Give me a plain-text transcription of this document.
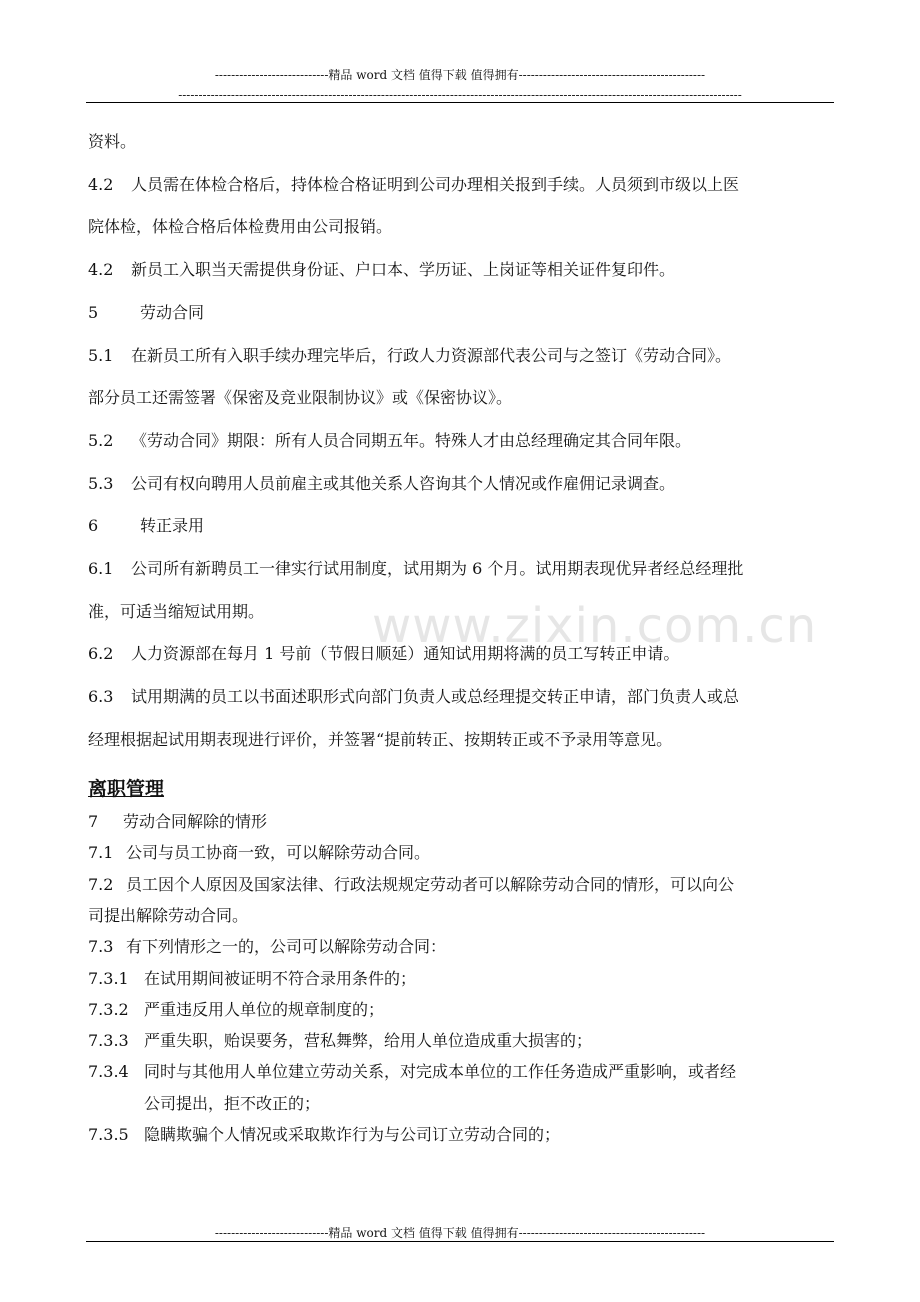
----------------------------精品 word 文档 值得下载 值得拥有----------------------------------------------
-------------------------------------------------------------------------------------------------------------------------------------------
www.zixin.com.cn
资料。
4.2 人员需在体检合格后，持体检合格证明到公司办理相关报到手续。人员须到市级以上医
院体检，体检合格后体检费用由公司报销。
4.2 新员工入职当天需提供身份证、户口本、学历证、上岗证等相关证件复印件。
5	劳动合同
5.1 在新员工所有入职手续办理完毕后，行政人力资源部代表公司与之签订《劳动合同》。
部分员工还需签署《保密及竞业限制协议》或《保密协议》。
5.2 《劳动合同》期限：所有人员合同期五年。特殊人才由总经理确定其合同年限。
5.3 公司有权向聘用人员前雇主或其他关系人咨询其个人情况或作雇佣记录调查。
6	转正录用
6.1 公司所有新聘员工一律实行试用制度，试用期为 6 个月。试用期表现优异者经总经理批
准，可适当缩短试用期。
6.2 人力资源部在每月 1 号前（节假日顺延）通知试用期将满的员工写转正申请。
6.3 试用期满的员工以书面述职形式向部门负责人或总经理提交转正申请，部门负责人或总
经理根据起试用期表现进行评价，并签署“提前转正、按期转正或不予录用等意见。
离职管理
7 劳动合同解除的情形
7.1 公司与员工协商一致，可以解除劳动合同。
7.2 员工因个人原因及国家法律、行政法规规定劳动者可以解除劳动合同的情形，可以向公
司提出解除劳动合同。
7.3 有下列情形之一的，公司可以解除劳动合同：
7.3.1 在试用期间被证明不符合录用条件的；
7.3.2 严重违反用人单位的规章制度的；
7.3.3 严重失职，贻误要务，营私舞弊，给用人单位造成重大损害的；
7.3.4 同时与其他用人单位建立劳动关系，对完成本单位的工作任务造成严重影响，或者经
公司提出，拒不改正的；
7.3.5 隐瞒欺骗个人情况或采取欺诈行为与公司订立劳动合同的；
----------------------------精品 word 文档 值得下载 值得拥有----------------------------------------------
